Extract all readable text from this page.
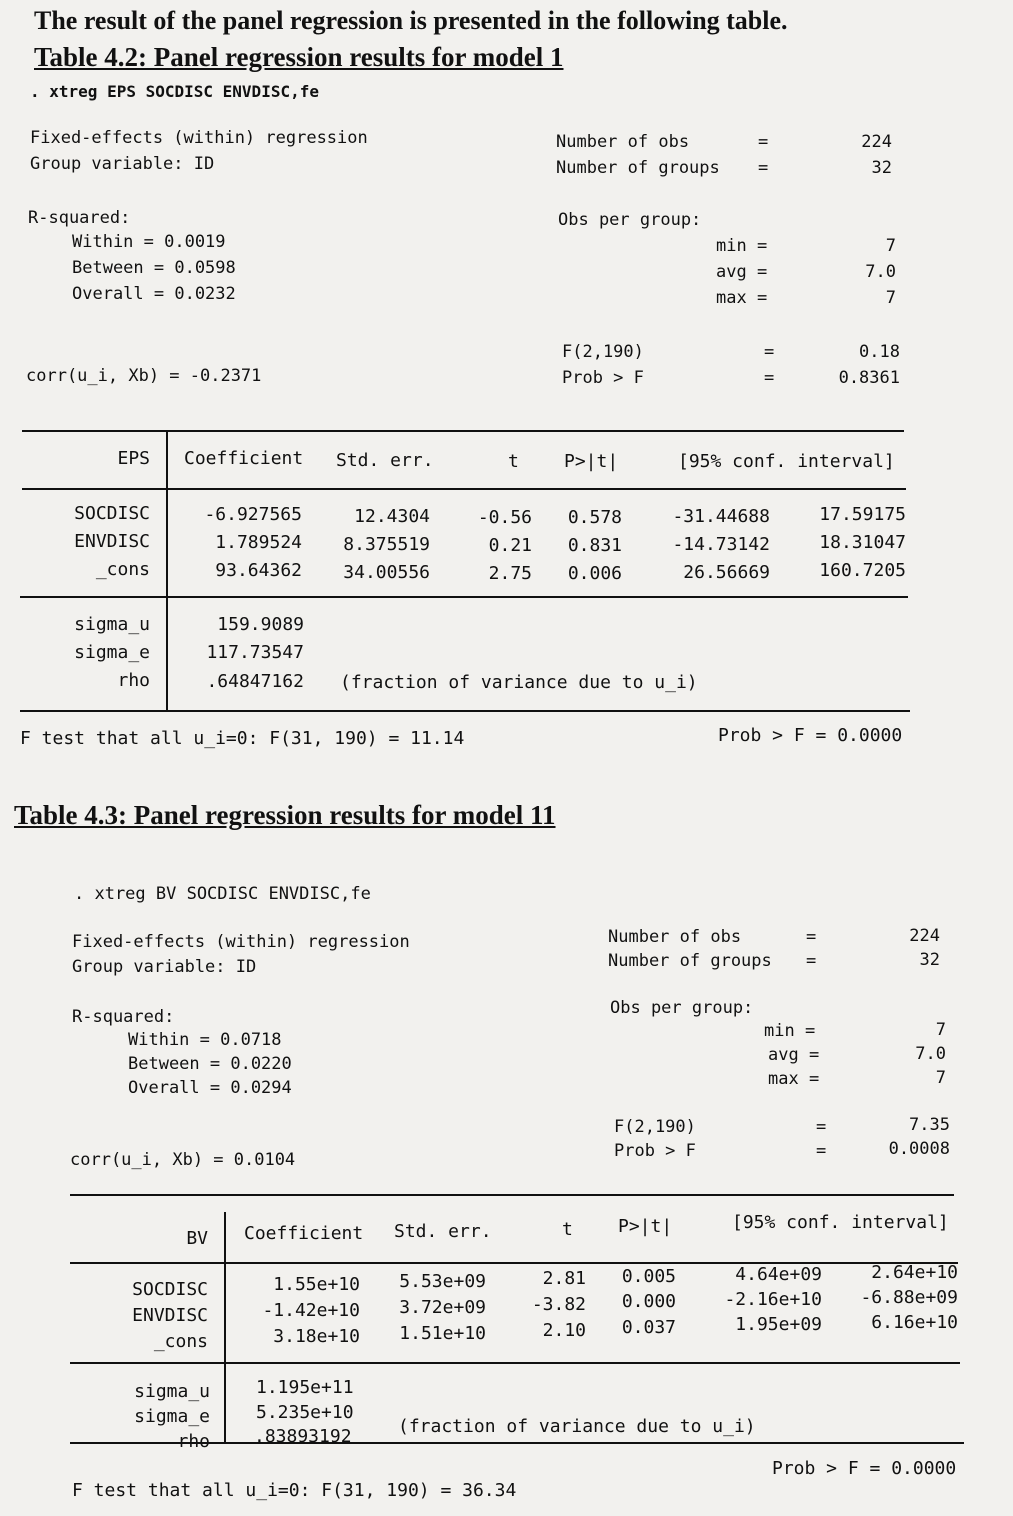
The result of the panel regression is presented in the following table.
Table 4.2: Panel regression results for model 1
. xtreg EPS SOCDISC ENVDISC,fe
Fixed-effects (within) regression
Group variable: ID
Number of obs	=	224
Number of groups =	32
R-squared:
Within = 0.0019
Between = 0.0598
Overall = 0.0232
Obs per group:
min =	7
avg =	7.0
max =	7
F(2,190)	=	0.18
Prob > F	=	0.8361
corr(u_i, Xb) = -0.2371
EPS Coefficient Std. err.	t	P>|t|	[95% conf. interval]
SOCDISC	-6.927565	12.4304	-0.56	0.578	-31.44688	17.59175
ENVDISC	1.789524	8.375519	0.21	0.831	-14.73142	18.31047
_cons	93.64362	34.00556	2.75	0.006	26.56669	160.7205
sigma_u	159.9089
sigma_e	117.73547
rho	.64847162 (fraction of variance due to u_i)
F test that all u_i=0: F(31, 190) = 11.14	Prob > F = 0.0000
Table 4.3: Panel regression results for model 11
. xtreg BV SOCDISC ENVDISC,fe
Fixed-effects (within) regression
Group variable: ID
Number of obs	=	224
Number of groups =	32
R-squared:
Within = 0.0718
Between = 0.0220
Overall = 0.0294
Obs per group:
min =	7
avg =	7.0
max =	7
F(2,190)	=	7.35
Prob > F	=	0.0008
corr(u_i, Xb) = 0.0104
BV Coefficient Std. err.	t	P>|t|	[95% conf. interval]
SOCDISC	1.55e+10	5.53e+09	2.81	0.005	4.64e+09	2.64e+10
ENVDISC	-1.42e+10	3.72e+09	-3.82	0.000	-2.16e+10	-6.88e+09
_cons	3.18e+10	1.51e+10	2.10	0.037	1.95e+09	6.16e+10
sigma_u	1.195e+11
sigma_e	5.235e+10
rho .83893192	(fraction of variance due to u_i)
F test that all u_i=0: F(31, 190) = 36.34
Prob > F = 0.0000
